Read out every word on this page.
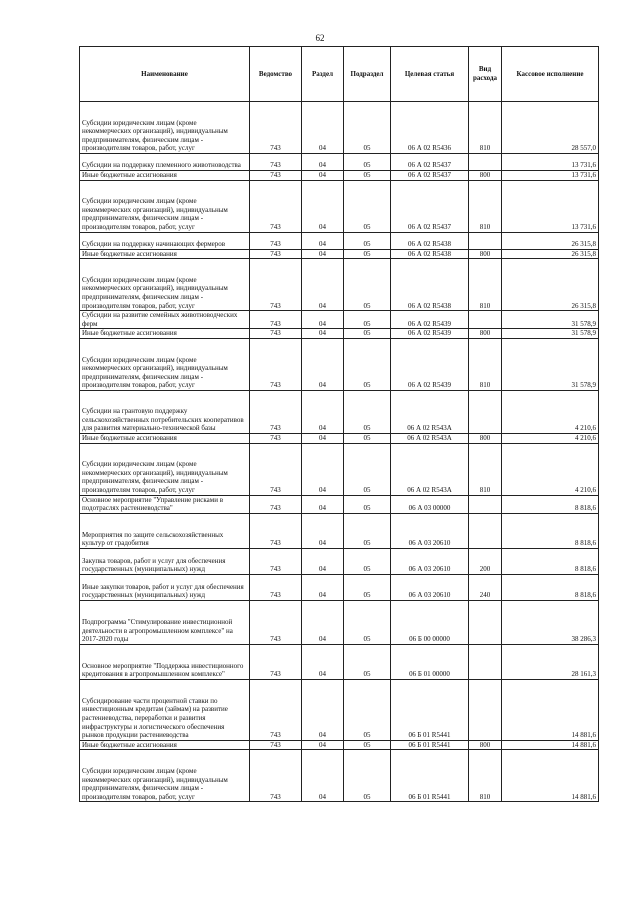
62
Наименование	Ведомство	Раздел	Подраздел	Целевая статья	Вид расхода	Кассовое исполнение
Субсидии юридическим лицам (кроме некоммерческих организаций), индивидуальным предпринимателям, физическим лицам - производителям товаров, работ, услуг	743	04	05	06 А 02 R5436	810	28 557,0
Субсидии на поддержку племенного животноводства	743	04	05	06 А 02 R5437		13 731,6
Иные бюджетные ассигнования	743	04	05	06 А 02 R5437	800	13 731,6
Субсидии юридическим лицам (кроме некоммерческих организаций), индивидуальным предпринимателям, физическим лицам - производителям товаров, работ, услуг	743	04	05	06 А 02 R5437	810	13 731,6
Субсидии на поддержку начинающих фермеров	743	04	05	06 А 02 R5438		26 315,8
Иные бюджетные ассигнования	743	04	05	06 А 02 R5438	800	26 315,8
Субсидии юридическим лицам (кроме некоммерческих организаций), индивидуальным предпринимателям, физическим лицам - производителям товаров, работ, услуг	743	04	05	06 А 02 R5438	810	26 315,8
Субсидии на развитие семейных животноводческих ферм	743	04	05	06 А 02 R5439		31 578,9
Иные бюджетные ассигнования	743	04	05	06 А 02 R5439	800	31 578,9
Субсидии юридическим лицам (кроме некоммерческих организаций), индивидуальным предпринимателям, физическим лицам - производителям товаров, работ, услуг	743	04	05	06 А 02 R5439	810	31 578,9
Субсидии на грантовую поддержку сельскохозяйственных потребительских кооперативов для развития материально-технической базы	743	04	05	06 А 02 R543А		4 210,6
Иные бюджетные ассигнования	743	04	05	06 А 02 R543А	800	4 210,6
Субсидии юридическим лицам (кроме некоммерческих организаций), индивидуальным предпринимателям, физическим лицам - производителям товаров, работ, услуг	743	04	05	06 А 02 R543А	810	4 210,6
Основное мероприятие "Управление рисками в подотраслях растениеводства"	743	04	05	06 А 03 00000		8 818,6
Мероприятия по защите сельскохозяйственных культур от градобития	743	04	05	06 А 03 20610		8 818,6
Закупка товаров, работ и услуг для обеспечения государственных (муниципальных) нужд	743	04	05	06 А 03 20610	200	8 818,6
Иные закупки товаров, работ и услуг для обеспечения государственных (муниципальных) нужд	743	04	05	06 А 03 20610	240	8 818,6
Подпрограмма "Стимулирование инвестиционной деятельности в агропромышленном комплексе" на 2017-2020 годы	743	04	05	06 Б 00 00000		38 286,3
Основное мероприятие "Поддержка инвестиционного кредитования в агропромышленном комплексе"	743	04	05	06 Б 01 00000		28 161,3
Субсидирование части процентной ставки по инвестиционным кредитам (займам) на развитие растениеводства, переработки и развития инфраструктуры и логистического обеспечения рынков продукции растениеводства	743	04	05	06 Б 01 R5441		14 881,6
Иные бюджетные ассигнования	743	04	05	06 Б 01 R5441	800	14 881,6
Субсидии юридическим лицам (кроме некоммерческих организаций), индивидуальным предпринимателям, физическим лицам - производителям товаров, работ, услуг	743	04	05	06 Б 01 R5441	810	14 881,6
